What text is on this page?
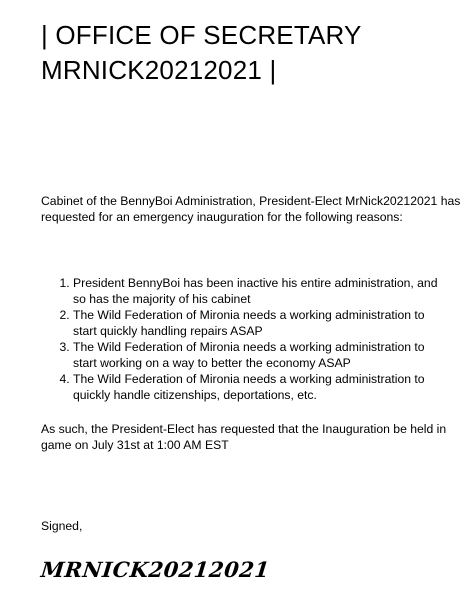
| OFFICE OF SECRETARY MRNICK20212021 |

Cabinet of the BennyBoi Administration, President-Elect MrNick20212021 has requested for an emergency inauguration for the following reasons:

1. President BennyBoi has been inactive his entire administration, and so has the majority of his cabinet
2. The Wild Federation of Mironia needs a working administration to start quickly handling repairs ASAP
3. The Wild Federation of Mironia needs a working administration to start working on a way to better the economy ASAP
4. The Wild Federation of Mironia needs a working administration to quickly handle citizenships, deportations, etc.

As such, the President-Elect has requested that the Inauguration be held in game on July 31st at 1:00 AM EST

Signed,

MRNICK20212021
